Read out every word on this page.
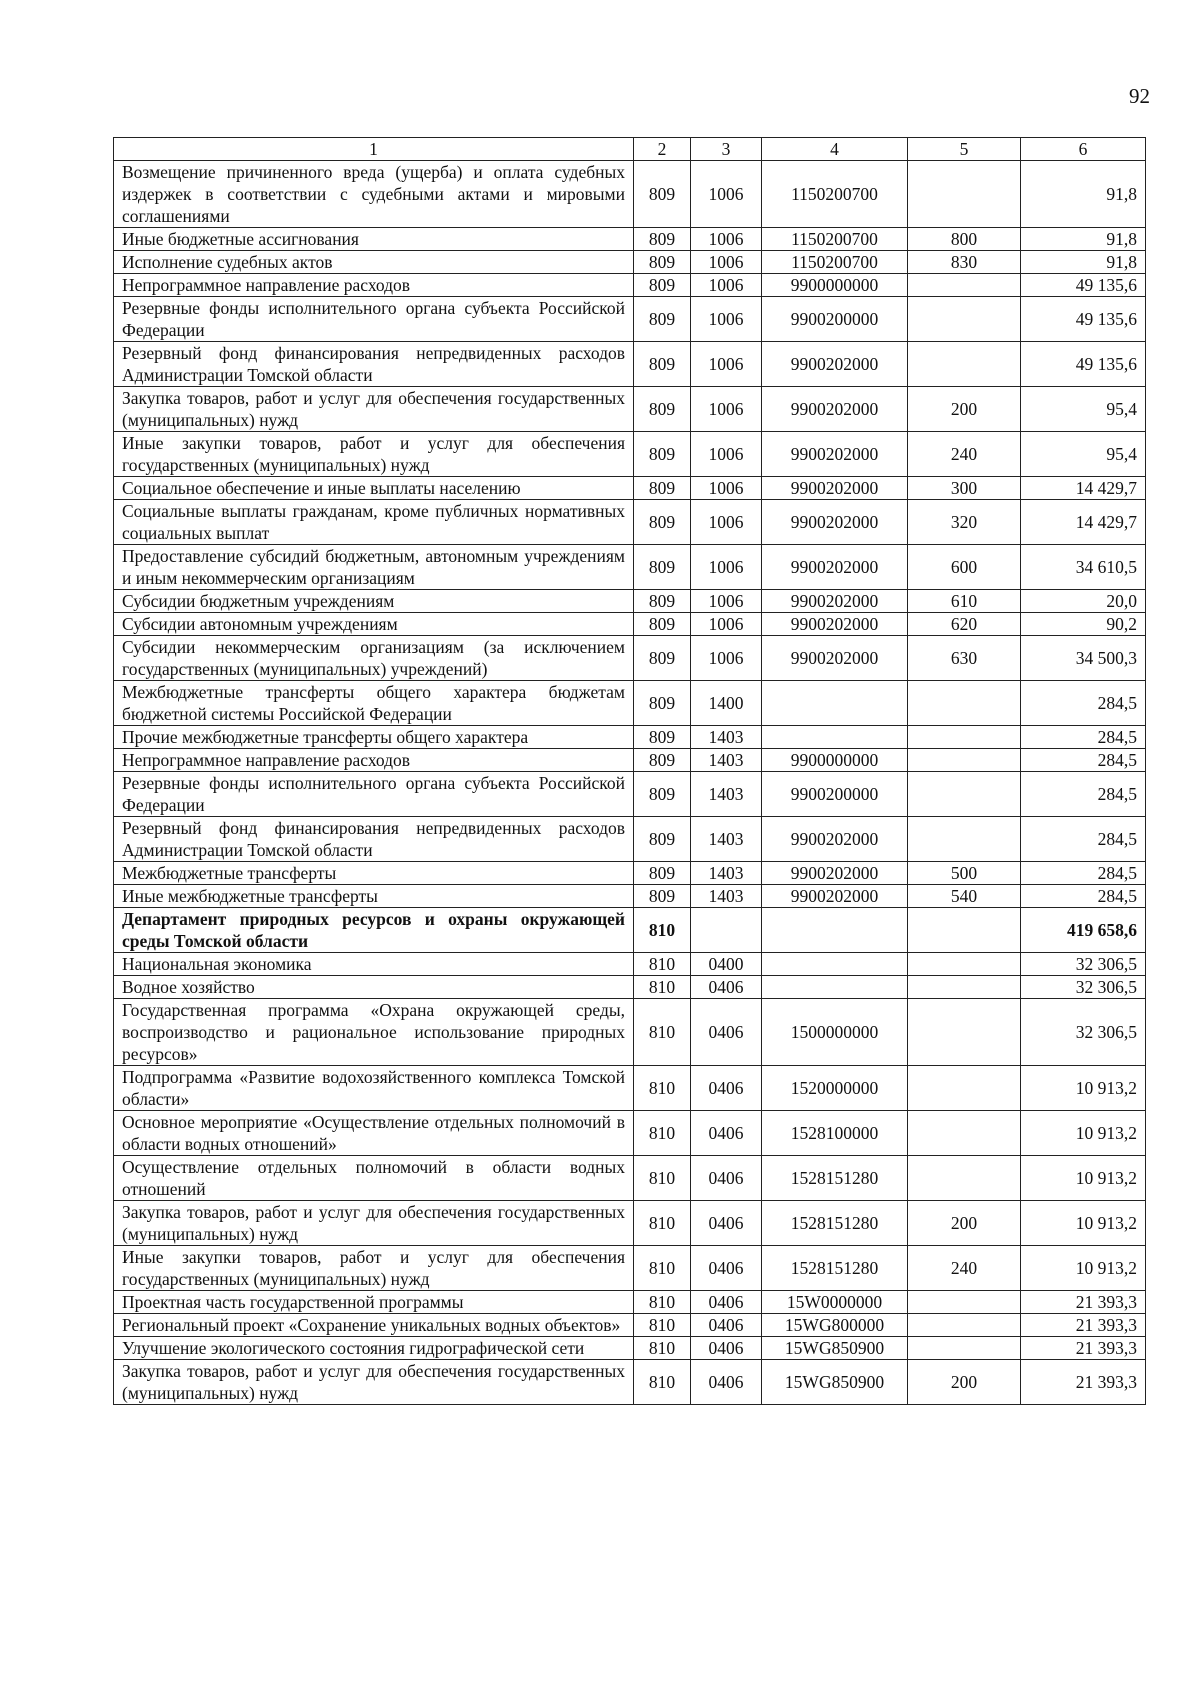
92
1	2	3	4	5	6
Возмещение причиненного вреда (ущерба) и оплата судебных издержек в соответствии с судебными актами и мировыми соглашениями	809	1006	1150200700		91,8
Иные бюджетные ассигнования	809	1006	1150200700	800	91,8
Исполнение судебных актов	809	1006	1150200700	830	91,8
Непрограммное направление расходов	809	1006	9900000000		49 135,6
Резервные фонды исполнительного органа субъекта Российской Федерации	809	1006	9900200000		49 135,6
Резервный фонд финансирования непредвиденных расходов Администрации Томской области	809	1006	9900202000		49 135,6
Закупка товаров, работ и услуг для обеспечения государственных (муниципальных) нужд	809	1006	9900202000	200	95,4
Иные закупки товаров, работ и услуг для обеспечения государственных (муниципальных) нужд	809	1006	9900202000	240	95,4
Социальное обеспечение и иные выплаты населению	809	1006	9900202000	300	14 429,7
Социальные выплаты гражданам, кроме публичных нормативных социальных выплат	809	1006	9900202000	320	14 429,7
Предоставление субсидий бюджетным, автономным учреждениям и иным некоммерческим организациям	809	1006	9900202000	600	34 610,5
Субсидии бюджетным учреждениям	809	1006	9900202000	610	20,0
Субсидии автономным учреждениям	809	1006	9900202000	620	90,2
Субсидии некоммерческим организациям (за исключением государственных (муниципальных) учреждений)	809	1006	9900202000	630	34 500,3
Межбюджетные трансферты общего характера бюджетам бюджетной системы Российской Федерации	809	1400			284,5
Прочие межбюджетные трансферты общего характера	809	1403			284,5
Непрограммное направление расходов	809	1403	9900000000		284,5
Резервные фонды исполнительного органа субъекта Российской Федерации	809	1403	9900200000		284,5
Резервный фонд финансирования непредвиденных расходов Администрации Томской области	809	1403	9900202000		284,5
Межбюджетные трансферты	809	1403	9900202000	500	284,5
Иные межбюджетные трансферты	809	1403	9900202000	540	284,5
Департамент природных ресурсов и охраны окружающей среды Томской области	810				419 658,6
Национальная экономика	810	0400			32 306,5
Водное хозяйство	810	0406			32 306,5
Государственная программа «Охрана окружающей среды, воспроизводство и рациональное использование природных ресурсов»	810	0406	1500000000		32 306,5
Подпрограмма «Развитие водохозяйственного комплекса Томской области»	810	0406	1520000000		10 913,2
Основное мероприятие «Осуществление отдельных полномочий в области водных отношений»	810	0406	1528100000		10 913,2
Осуществление отдельных полномочий в области водных отношений	810	0406	1528151280		10 913,2
Закупка товаров, работ и услуг для обеспечения государственных (муниципальных) нужд	810	0406	1528151280	200	10 913,2
Иные закупки товаров, работ и услуг для обеспечения государственных (муниципальных) нужд	810	0406	1528151280	240	10 913,2
Проектная часть государственной программы	810	0406	15W0000000		21 393,3
Региональный проект «Сохранение уникальных водных объектов»	810	0406	15WG800000		21 393,3
Улучшение экологического состояния гидрографической сети	810	0406	15WG850900		21 393,3
Закупка товаров, работ и услуг для обеспечения государственных (муниципальных) нужд	810	0406	15WG850900	200	21 393,3
